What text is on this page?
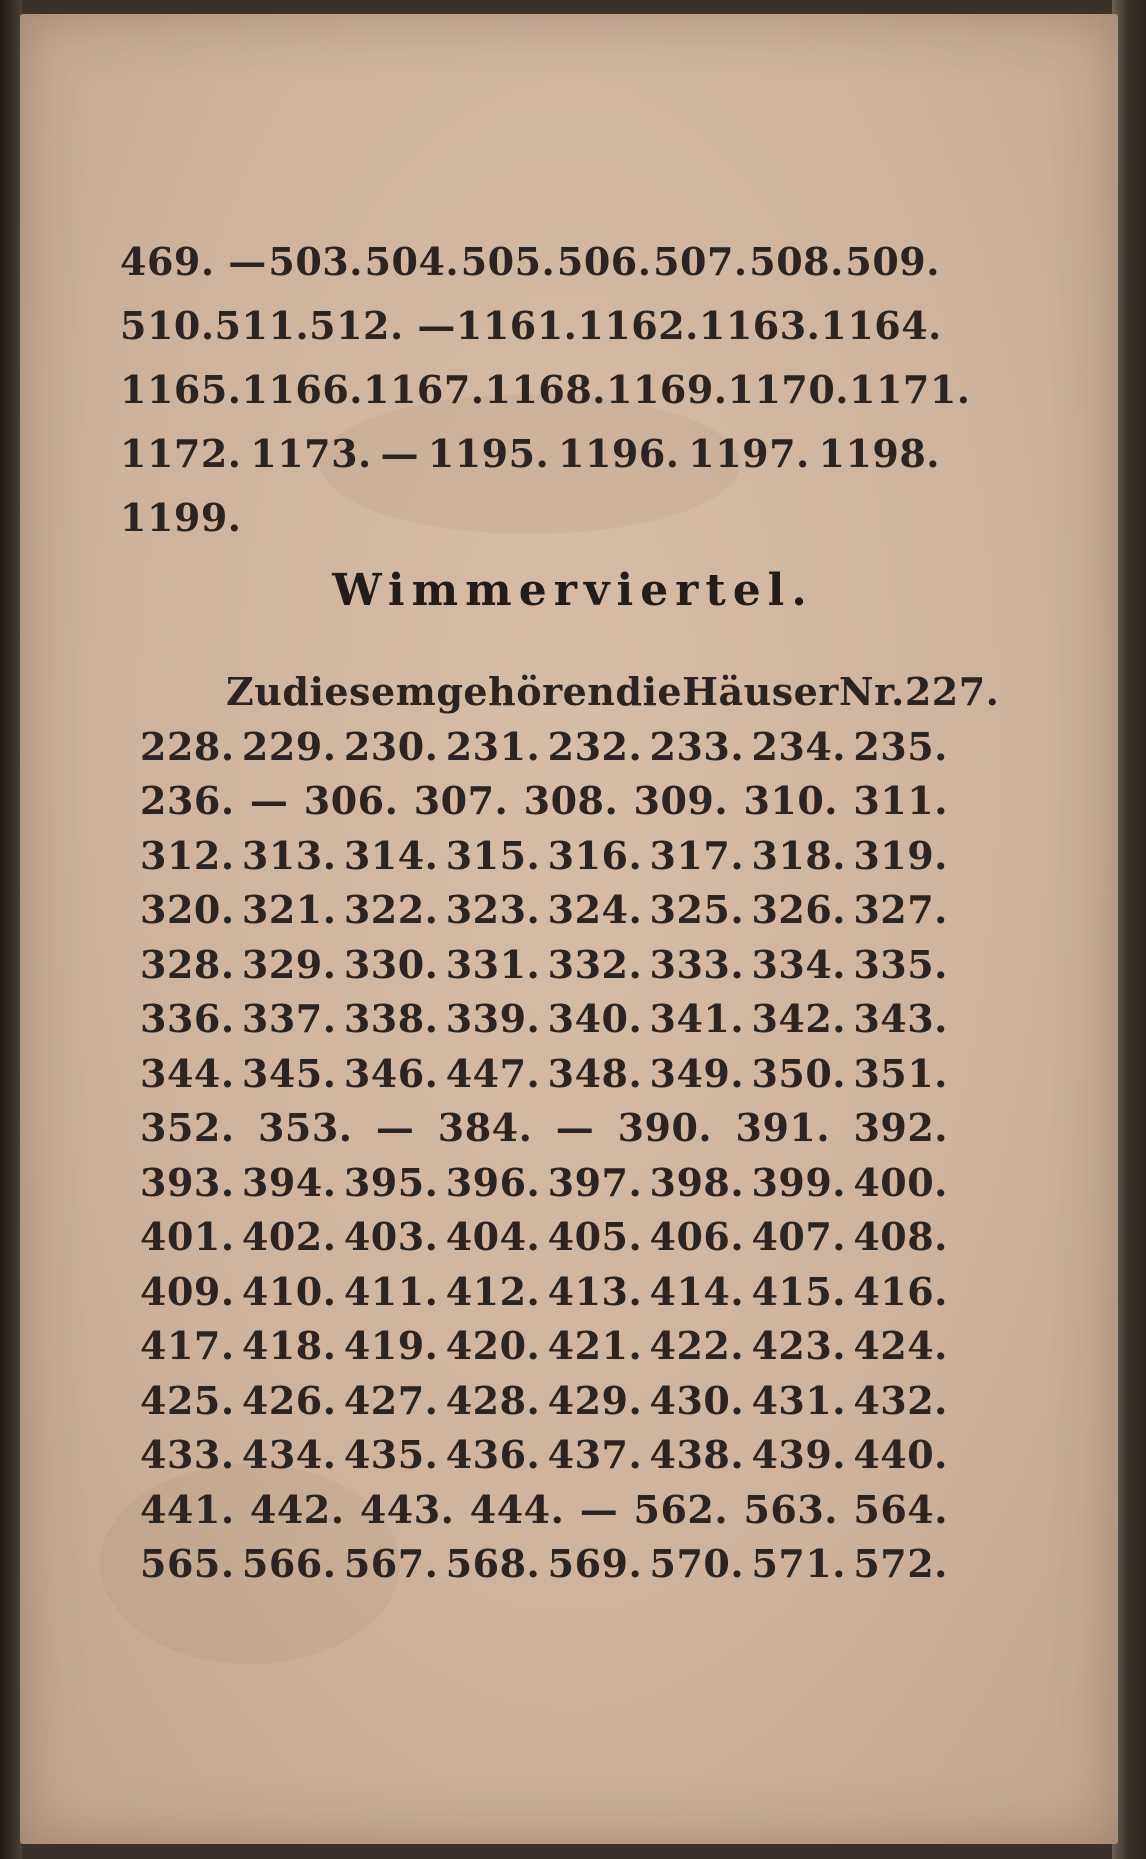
469. — 503. 504. 505. 506. 507. 508. 509.
510. 511. 512. — 1161. 1162. 1163. 1164.
1165. 1166. 1167. 1168. 1169. 1170. 1171.
1172. 1173. — 1195. 1196. 1197. 1198.
1199.
Wimmerviertel.
Zu diesem gehören die Häuser Nr. 227.
228. 229. 230. 231. 232. 233. 234. 235.
236. — 306. 307. 308. 309. 310. 311.
312. 313. 314. 315. 316. 317. 318. 319.
320. 321. 322. 323. 324. 325. 326. 327.
328. 329. 330. 331. 332. 333. 334. 335.
336. 337. 338. 339. 340. 341. 342. 343.
344. 345. 346. 447. 348. 349. 350. 351.
352. 353. — 384. — 390. 391. 392.
393. 394. 395. 396. 397. 398. 399. 400.
401. 402. 403. 404. 405. 406. 407. 408.
409. 410. 411. 412. 413. 414. 415. 416.
417. 418. 419. 420. 421. 422. 423. 424.
425. 426. 427. 428. 429. 430. 431. 432.
433. 434. 435. 436. 437. 438. 439. 440.
441. 442. 443. 444. — 562. 563. 564.
565. 566. 567. 568. 569. 570. 571. 572.
